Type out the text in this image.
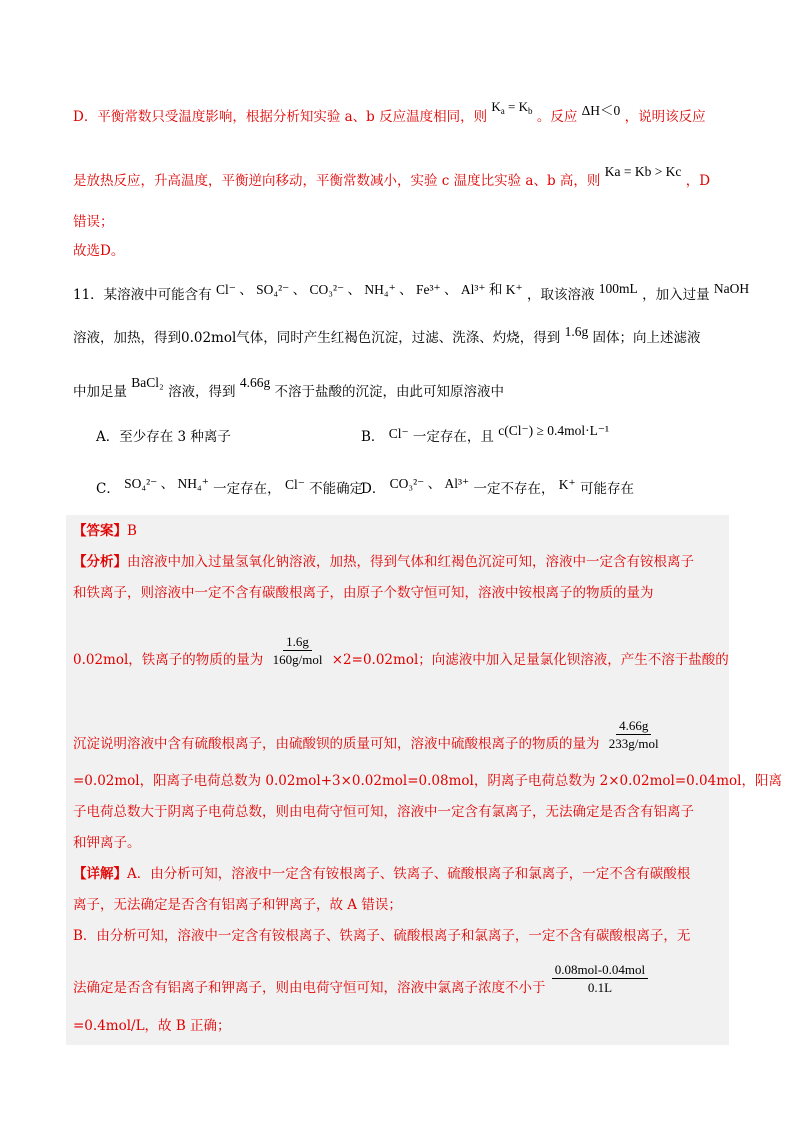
D．平衡常数只受温度影响，根据分析知实验 a、b 反应温度相同，则 $K_a = K_b$ 。反应 ΔH＜0 ，说明该反应
是放热反应，升高温度，平衡逆向移动，平衡常数减小，实验 c 温度比实验 a、b 高，则 Ka = Kb > Kc ，D
错误；
故选D。
11．某溶液中可能含有 Cl⁻ 、 SO₄²⁻ 、 CO₃²⁻ 、 NH₄⁺ 、 Fe³⁺ 、 Al³⁺ 和 K⁺ ，取该溶液 100mL ，加入过量 NaOH
溶液，加热，得到0.02mol气体，同时产生红褐色沉淀，过滤、洗涤、灼烧，得到 1.6g 固体；向上述滤液
中加足量 BaCl₂ 溶液，得到 4.66g 不溶于盐酸的沉淀，由此可知原溶液中
A．至少存在 3 种离子	B． Cl⁻ 一定存在，且 c(Cl⁻) ≥ 0.4mol·L⁻¹
C． SO₄²⁻ 、 NH₄⁺ 一定存在， Cl⁻ 不能确定
D． CO₃²⁻ 、 Al³⁺ 一定不存在， K⁺ 可能存在
【答案】B
【分析】由溶液中加入过量氢氧化钠溶液，加热，得到气体和红褐色沉淀可知，溶液中一定含有铵根离子
和铁离子，则溶液中一定不含有碳酸根离子，由原子个数守恒可知，溶液中铵根离子的物质的量为
0.02mol，铁离子的物质的量为 $\frac{1.6g}{\text{160g/mol}} \times 2=0.02mol$；向滤液中加入足量氯化钡溶液，产生不溶于盐酸的
沉淀说明溶液中含有硫酸根离子，由硫酸钡的质量可知，溶液中硫酸根离子的物质的量为 $\frac{4.66g}{\text{233g/mol}}$
=0.02mol，阳离子电荷总数为 0.02mol+3×0.02mol=0.08mol，阴离子电荷总数为 2×0.02mol=0.04mol，阳离
子电荷总数大于阴离子电荷总数，则由电荷守恒可知，溶液中一定含有氯离子，无法确定是否含有铝离子
和钾离子。
【详解】A．由分析可知，溶液中一定含有铵根离子、铁离子、硫酸根离子和氯离子，一定不含有碳酸根
离子，无法确定是否含有铝离子和钾离子，故 A 错误；
B．由分析可知，溶液中一定含有铵根离子、铁离子、硫酸根离子和氯离子，一定不含有碳酸根离子，无
法确定是否含有铝离子和钾离子，则由电荷守恒可知，溶液中氯离子浓度不小于 $\frac{\text{0.08mol-0.04mol}}{0.1L}$
=0.4mol/L，故 B 正确；
